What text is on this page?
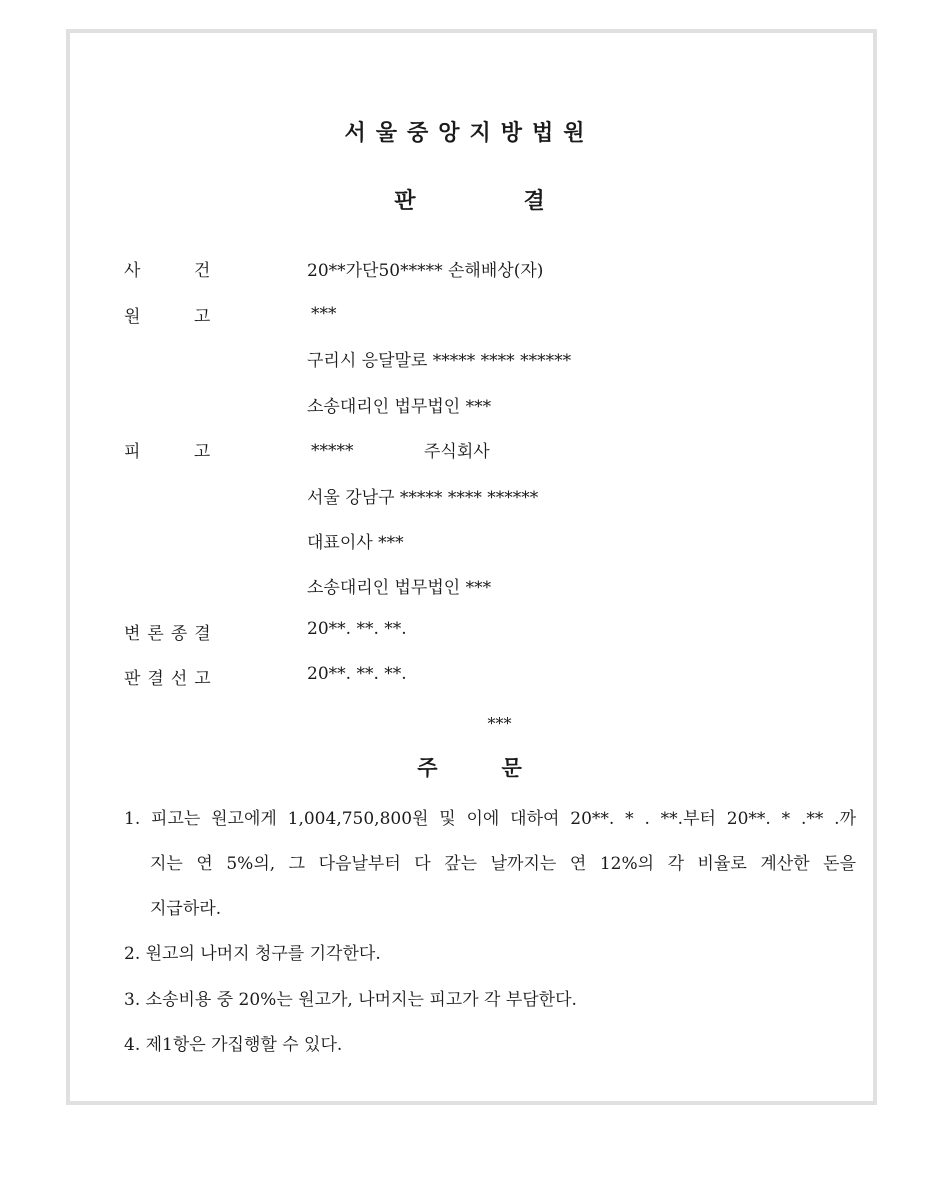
서울중앙지방법원
판	결
사 건	20**가단50***** 손해배상(자)
원 고	***
구리시 응달말로 ***** **** ******
소송대리인 법무법인 ***
피 고	*****	주식회사
서울 강남구 ***** **** ******
대표이사 ***
소송대리인 법무법인 ***
변론종결	20**. **. **.
판결선고	20**. **. **.
***
주	문
1. 피고는 원고에게 1,004,750,800원 및 이에 대하여 20**. * . **.부터 20**. * .** .까
지는 연 5%의, 그 다음날부터 다 갚는 날까지는 연 12%의 각 비율로 계산한 돈을
지급하라.
2. 원고의 나머지 청구를 기각한다.
3. 소송비용 중 20%는 원고가, 나머지는 피고가 각 부담한다.
4. 제1항은 가집행할 수 있다.
